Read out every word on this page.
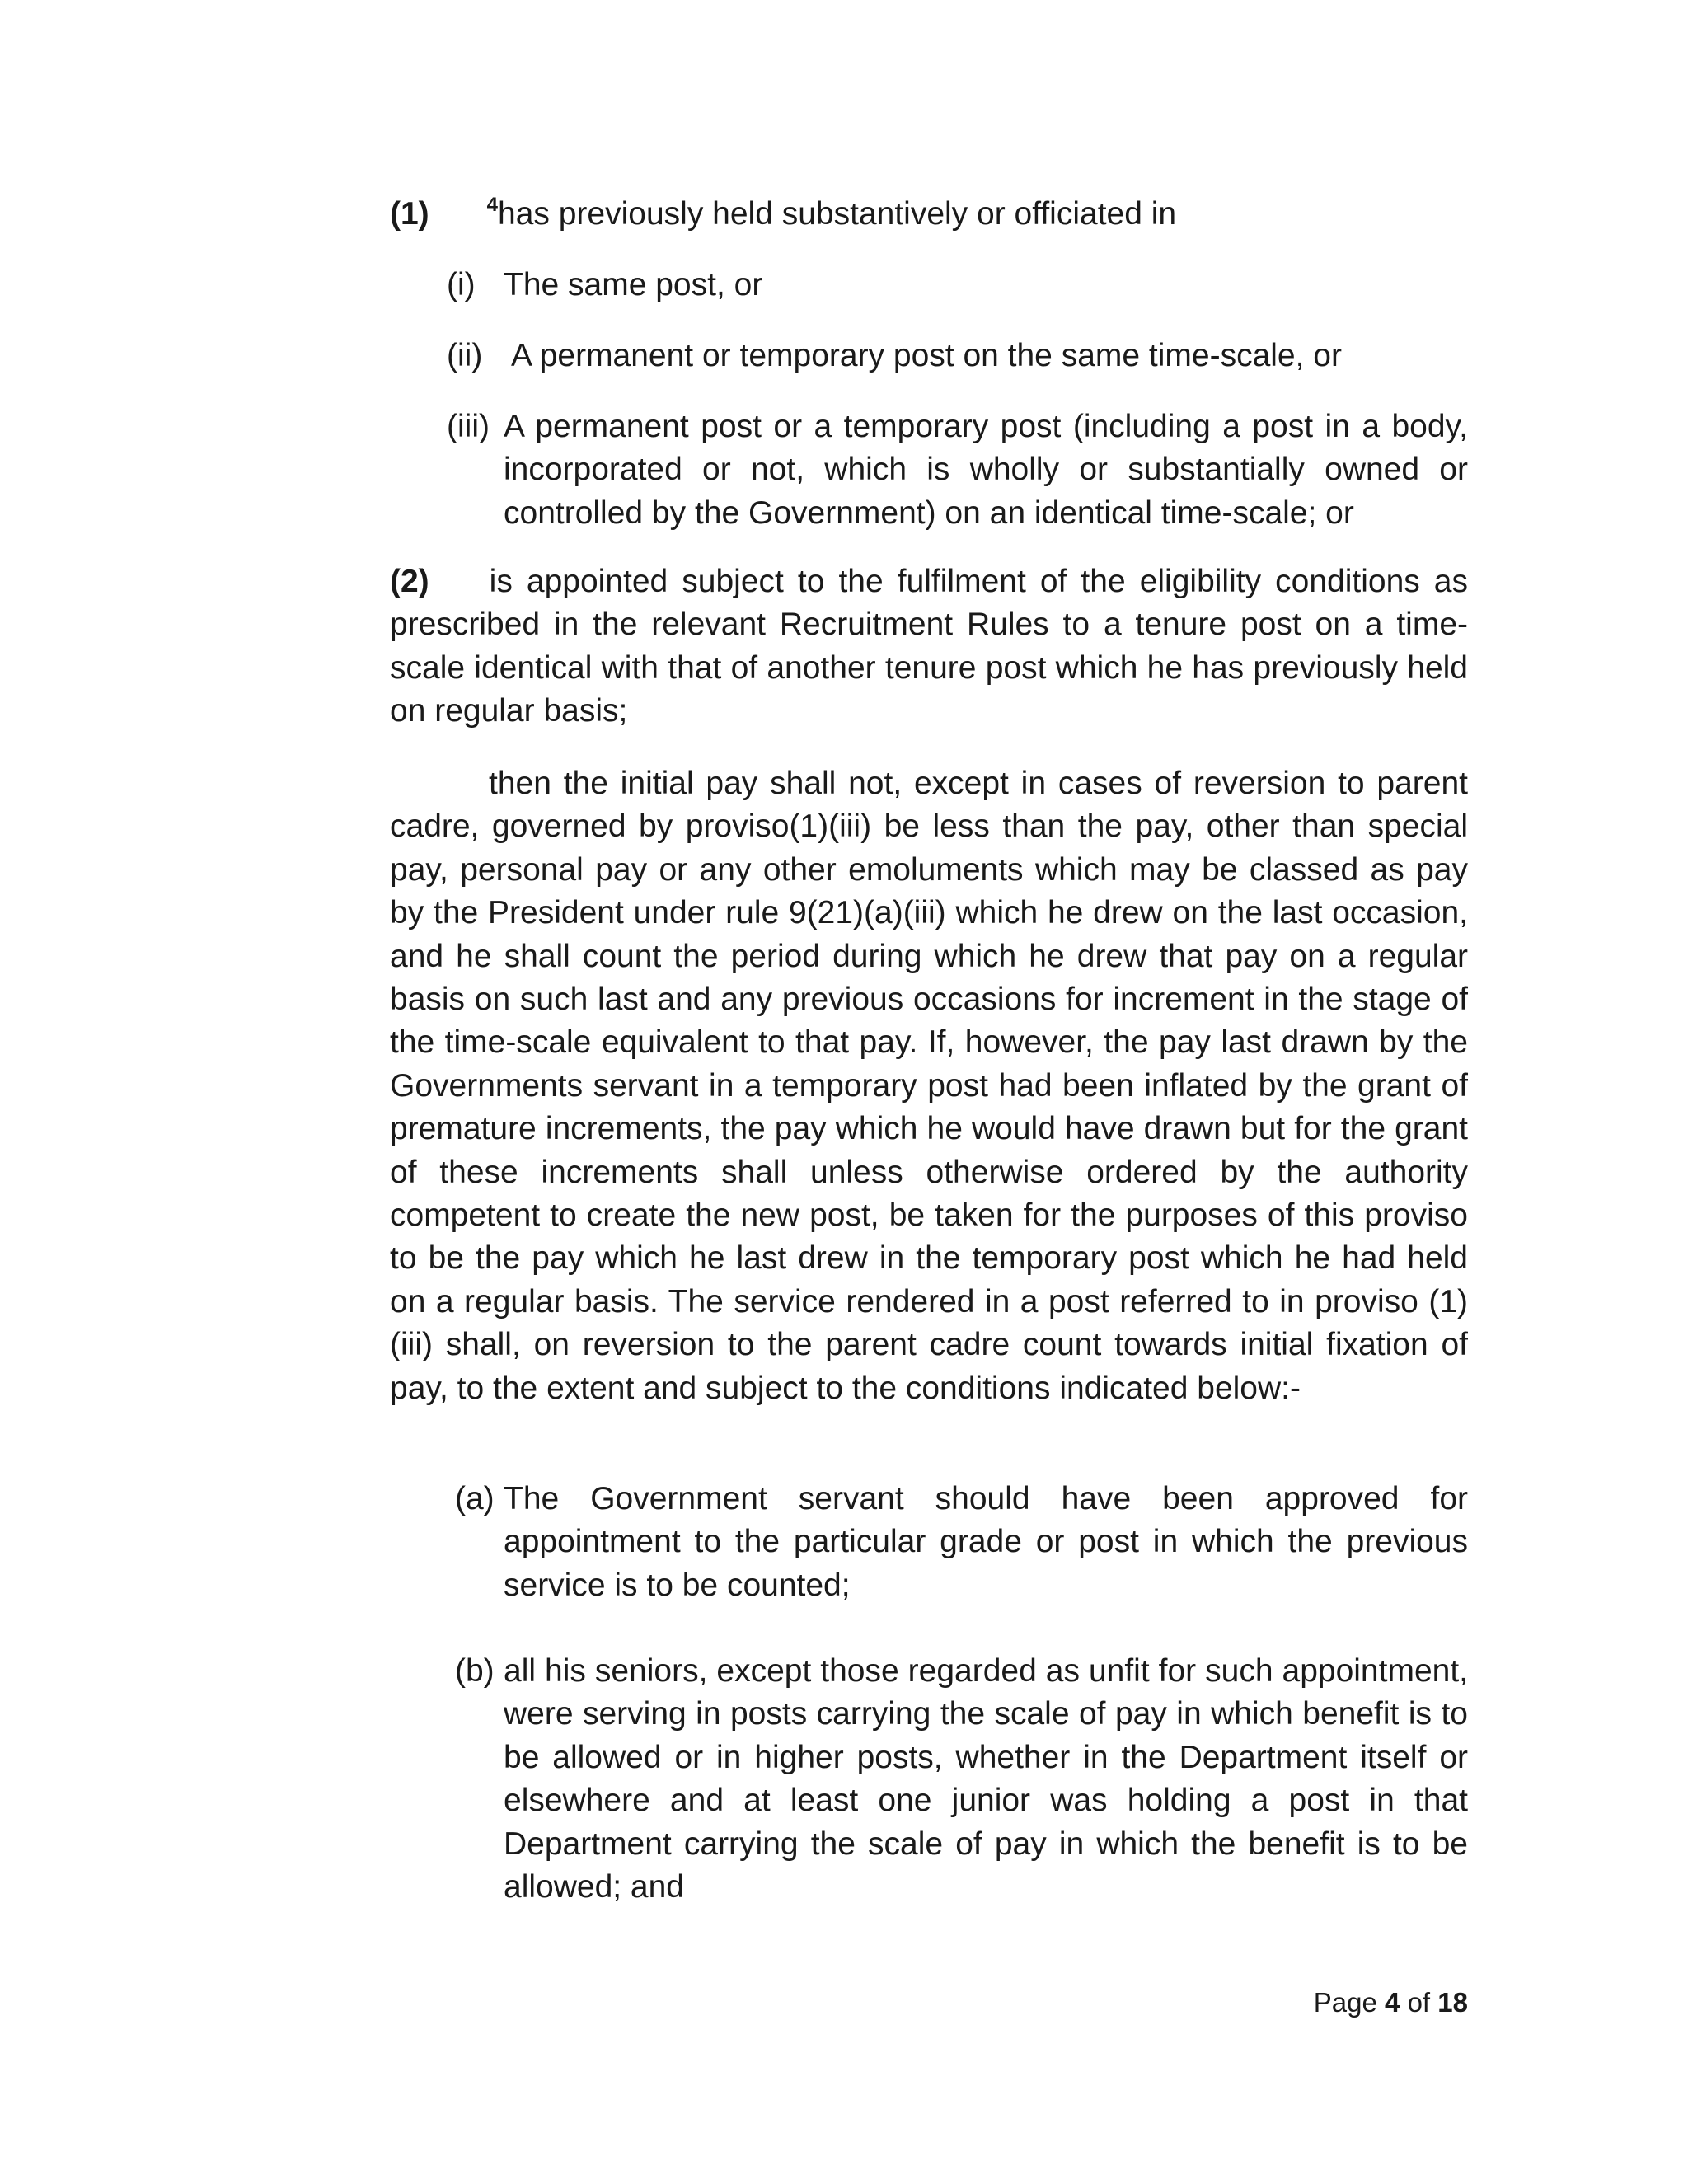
(1)	$^4$has previously held substantively or officiated in
(i) The same post, or
(ii) A permanent or temporary post on the same time-scale, or
(iii) A permanent post or a temporary post (including a post in a body, incorporated or not, which is wholly or substantially owned or controlled by the Government) on an identical time-scale; or
(2) is appointed subject to the fulfilment of the eligibility conditions as prescribed in the relevant Recruitment Rules to a tenure post on a time-scale identical with that of another tenure post which he has previously held on regular basis;
then the initial pay shall not, except in cases of reversion to parent cadre, governed by proviso(1)(iii) be less than the pay, other than special pay, personal pay or any other emoluments which may be classed as pay by the President under rule 9(21)(a)(iii) which he drew on the last occasion, and he shall count the period during which he drew that pay on a regular basis on such last and any previous occasions for increment in the stage of the time-scale equivalent to that pay. If, however, the pay last drawn by the Governments servant in a temporary post had been inflated by the grant of premature increments, the pay which he would have drawn but for the grant of these increments shall unless otherwise ordered by the authority competent to create the new post, be taken for the purposes of this proviso to be the pay which he last drew in the temporary post which he had held on a regular basis. The service rendered in a post referred to in proviso (1)(iii) shall, on reversion to the parent cadre count towards initial fixation of pay, to the extent and subject to the conditions indicated below:-
(a) The Government servant should have been approved for appointment to the particular grade or post in which the previous service is to be counted;
(b) all his seniors, except those regarded as unfit for such appointment, were serving in posts carrying the scale of pay in which benefit is to be allowed or in higher posts, whether in the Department itself or elsewhere and at least one junior was holding a post in that Department carrying the scale of pay in which the benefit is to be allowed; and
Page 4 of 18
